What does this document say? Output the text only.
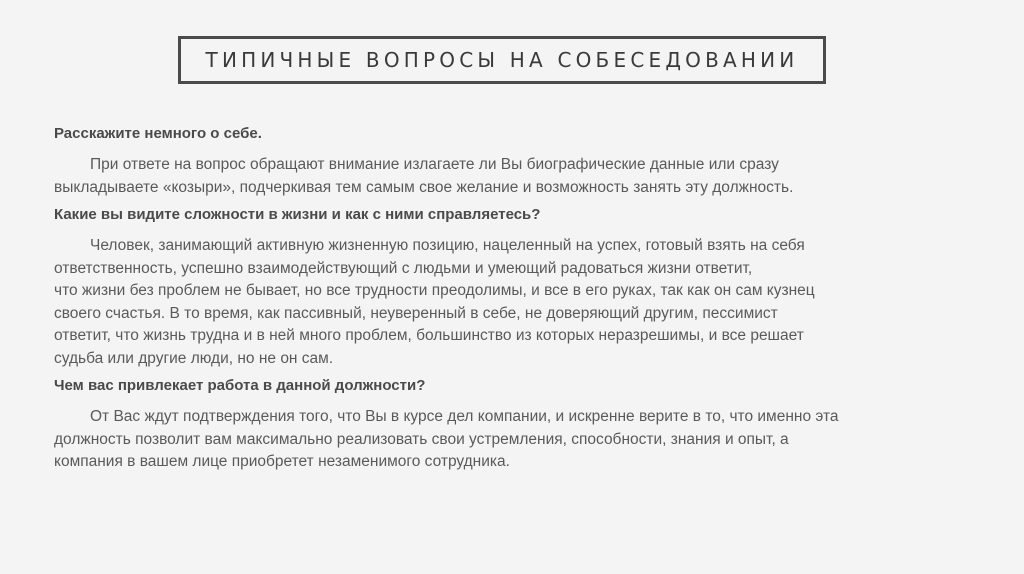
ТИПИЧНЫЕ ВОПРОСЫ НА СОБЕСЕДОВАНИИ

Расскажите немного о себе.

При ответе на вопрос обращают внимание излагаете ли Вы биографические данные или сразу
выкладываете «козыри», подчеркивая тем самым свое желание и возможность занять эту должность.

Какие вы видите сложности в жизни и как с ними справляетесь?

Человек, занимающий активную жизненную позицию, нацеленный на успех, готовый взять на себя
ответственность, успешно взаимодействующий с людьми и умеющий радоваться жизни ответит,
что жизни без проблем не бывает, но все трудности преодолимы, и все в его руках, так как он сам кузнец
своего счастья. В то время, как пассивный, неуверенный в себе, не доверяющий другим, пессимист
ответит, что жизнь трудна и в ней много проблем, большинство из которых неразрешимы, и все решает
судьба или другие люди, но не он сам.

Чем вас привлекает работа в данной должности?

От Вас ждут подтверждения того, что Вы в курсе дел компании, и искренне верите в то, что именно эта
должность позволит вам максимально реализовать свои устремления, способности, знания и опыт, а
компания в вашем лице приобретет незаменимого сотрудника.
